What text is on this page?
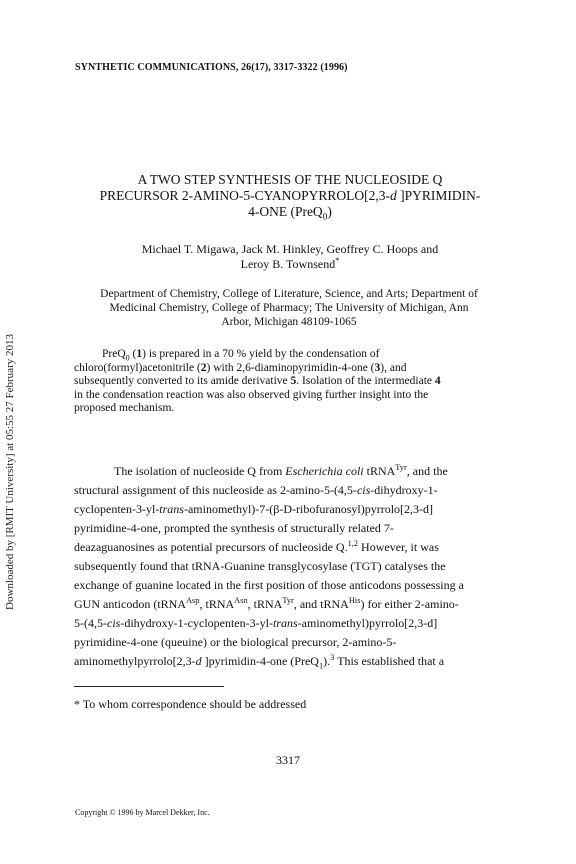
SYNTHETIC COMMUNICATIONS, 26(17), 3317-3322 (1996)
Downloaded by [RMIT University] at 05:55 27 February 2013
A TWO STEP SYNTHESIS OF THE NUCLEOSIDE Q
PRECURSOR 2-AMINO-5-CYANOPYRROLO[2,3-d ]PYRIMIDIN-
4-ONE (PreQ$_0$)
Michael T. Migawa, Jack M. Hinkley, Geoffrey C. Hoops and
Leroy B. Townsend*
Department of Chemistry, College of Literature, Science, and Arts; Department of
Medicinal Chemistry, College of Pharmacy; The University of Michigan, Ann
Arbor, Michigan 48109-1065
PreQ$_0$ (1) is prepared in a 70 % yield by the condensation of
chloro(formyl)acetonitrile (2) with 2,6-diaminopyrimidin-4-one (3), and
subsequently converted to its amide derivative 5. Isolation of the intermediate 4
in the condensation reaction was also observed giving further insight into the
proposed mechanism.
The isolation of nucleoside Q from Escherichia coli tRNA$^{Tyr}$, and the
structural assignment of this nucleoside as 2-amino-5-(4,5-cis-dihydroxy-1-
cyclopenten-3-yl-trans-aminomethyl)-7-(β-D-ribofuranosyl)pyrrolo[2,3-d]
pyrimidine-4-one, prompted the synthesis of structurally related 7-
deazaguanosines as potential precursors of nucleoside Q.$^{1,2}$ However, it was
subsequently found that tRNA-Guanine transglycosylase (TGT) catalyses the
exchange of guanine located in the first position of those anticodons possessing a
GUN anticodon (tRNA$^{Asp}$, tRNA$^{Asn}$, tRNA$^{Tyr}$, and tRNA$^{His}$) for either 2-amino-
5-(4,5-cis-dihydroxy-1-cyclopenten-3-yl-trans-aminomethyl)pyrrolo[2,3-d]
pyrimidine-4-one (queuine) or the biological precursor, 2-amino-5-
aminomethylpyrrolo[2,3-d ]pyrimidin-4-one (PreQ$_1$).$^3$ This established that a
* To whom correspondence should be addressed
3317
Copyright © 1996 by Marcel Dekker, Inc.
